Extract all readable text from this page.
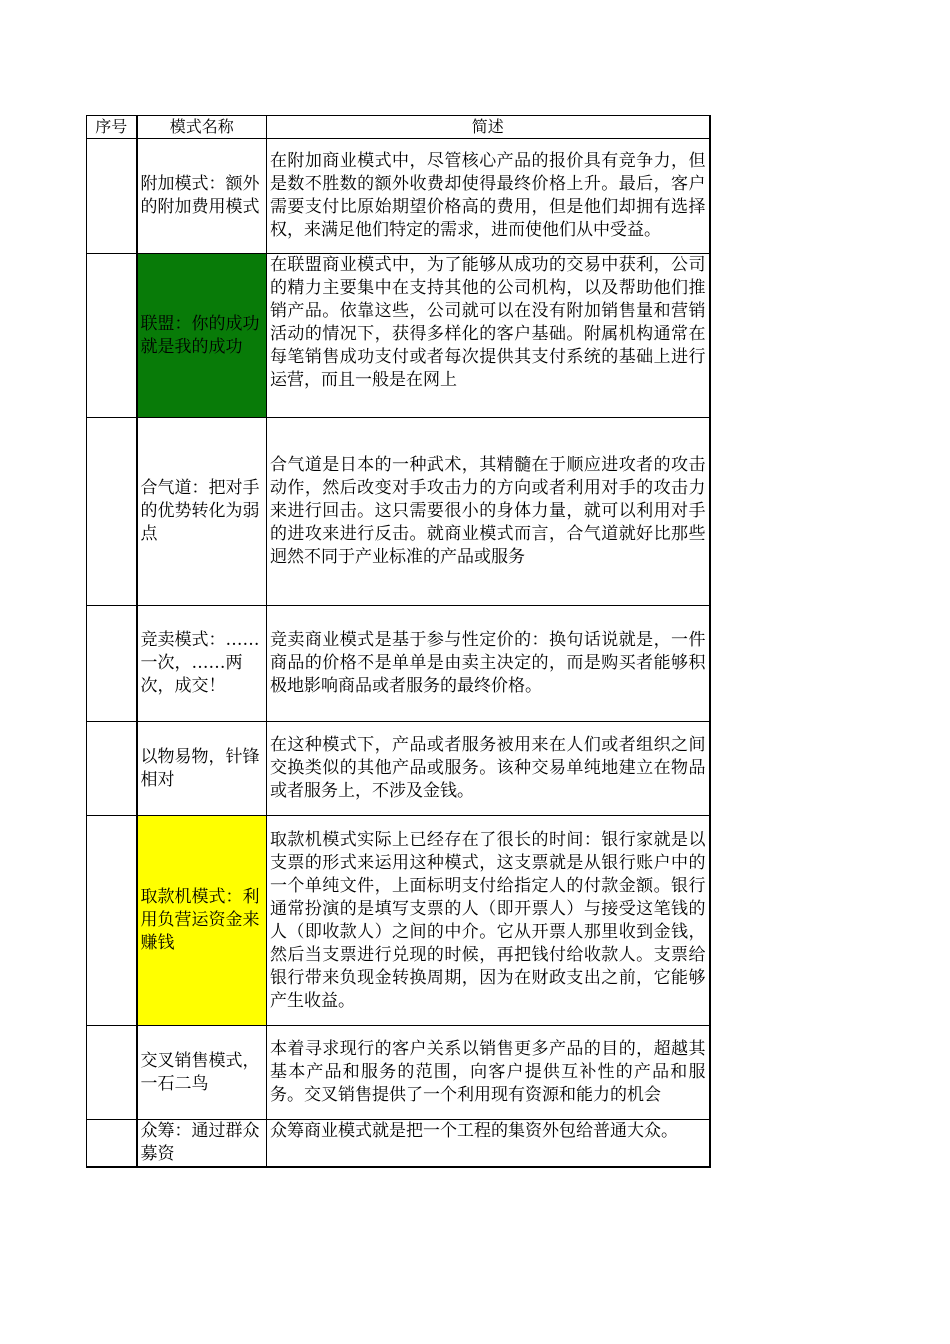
序号	模式名称	简述
	附加模式：额外的附加费用模式	在附加商业模式中，尽管核心产品的报价具有竞争力，但是数不胜数的额外收费却使得最终价格上升。最后，客户需要支付比原始期望价格高的费用，但是他们却拥有选择权，来满足他们特定的需求，进而使他们从中受益。
	联盟：你的成功就是我的成功	在联盟商业模式中，为了能够从成功的交易中获利，公司的精力主要集中在支持其他的公司机构，以及帮助他们推销产品。依靠这些，公司就可以在没有附加销售量和营销活动的情况下，获得多样化的客户基础。附属机构通常在每笔销售成功支付或者每次提供其支付系统的基础上进行运营，而且一般是在网上
	合气道：把对手的优势转化为弱点	合气道是日本的一种武术，其精髓在于顺应进攻者的攻击动作，然后改变对手攻击力的方向或者利用对手的攻击力来进行回击。这只需要很小的身体力量，就可以利用对手的进攻来进行反击。就商业模式而言，合气道就好比那些迥然不同于产业标准的产品或服务
	竞卖模式：……一次，……两次，成交！	竞卖商业模式是基于参与性定价的：换句话说就是，一件商品的价格不是单单是由卖主决定的，而是购买者能够积极地影响商品或者服务的最终价格。
	以物易物，针锋相对	在这种模式下，产品或者服务被用来在人们或者组织之间交换类似的其他产品或服务。该种交易单纯地建立在物品或者服务上，不涉及金钱。
	取款机模式：利用负营运资金来赚钱	取款机模式实际上已经存在了很长的时间：银行家就是以支票的形式来运用这种模式，这支票就是从银行账户中的一个单纯文件，上面标明支付给指定人的付款金额。银行通常扮演的是填写支票的人（即开票人）与接受这笔钱的人（即收款人）之间的中介。它从开票人那里收到金钱，然后当支票进行兑现的时候，再把钱付给收款人。支票给银行带来负现金转换周期，因为在财政支出之前，它能够产生收益。
	交叉销售模式，一石二鸟	本着寻求现行的客户关系以销售更多产品的目的，超越其基本产品和服务的范围，向客户提供互补性的产品和服务。交叉销售提供了一个利用现有资源和能力的机会
	众筹：通过群众募资	众筹商业模式就是把一个工程的集资外包给普通大众。
